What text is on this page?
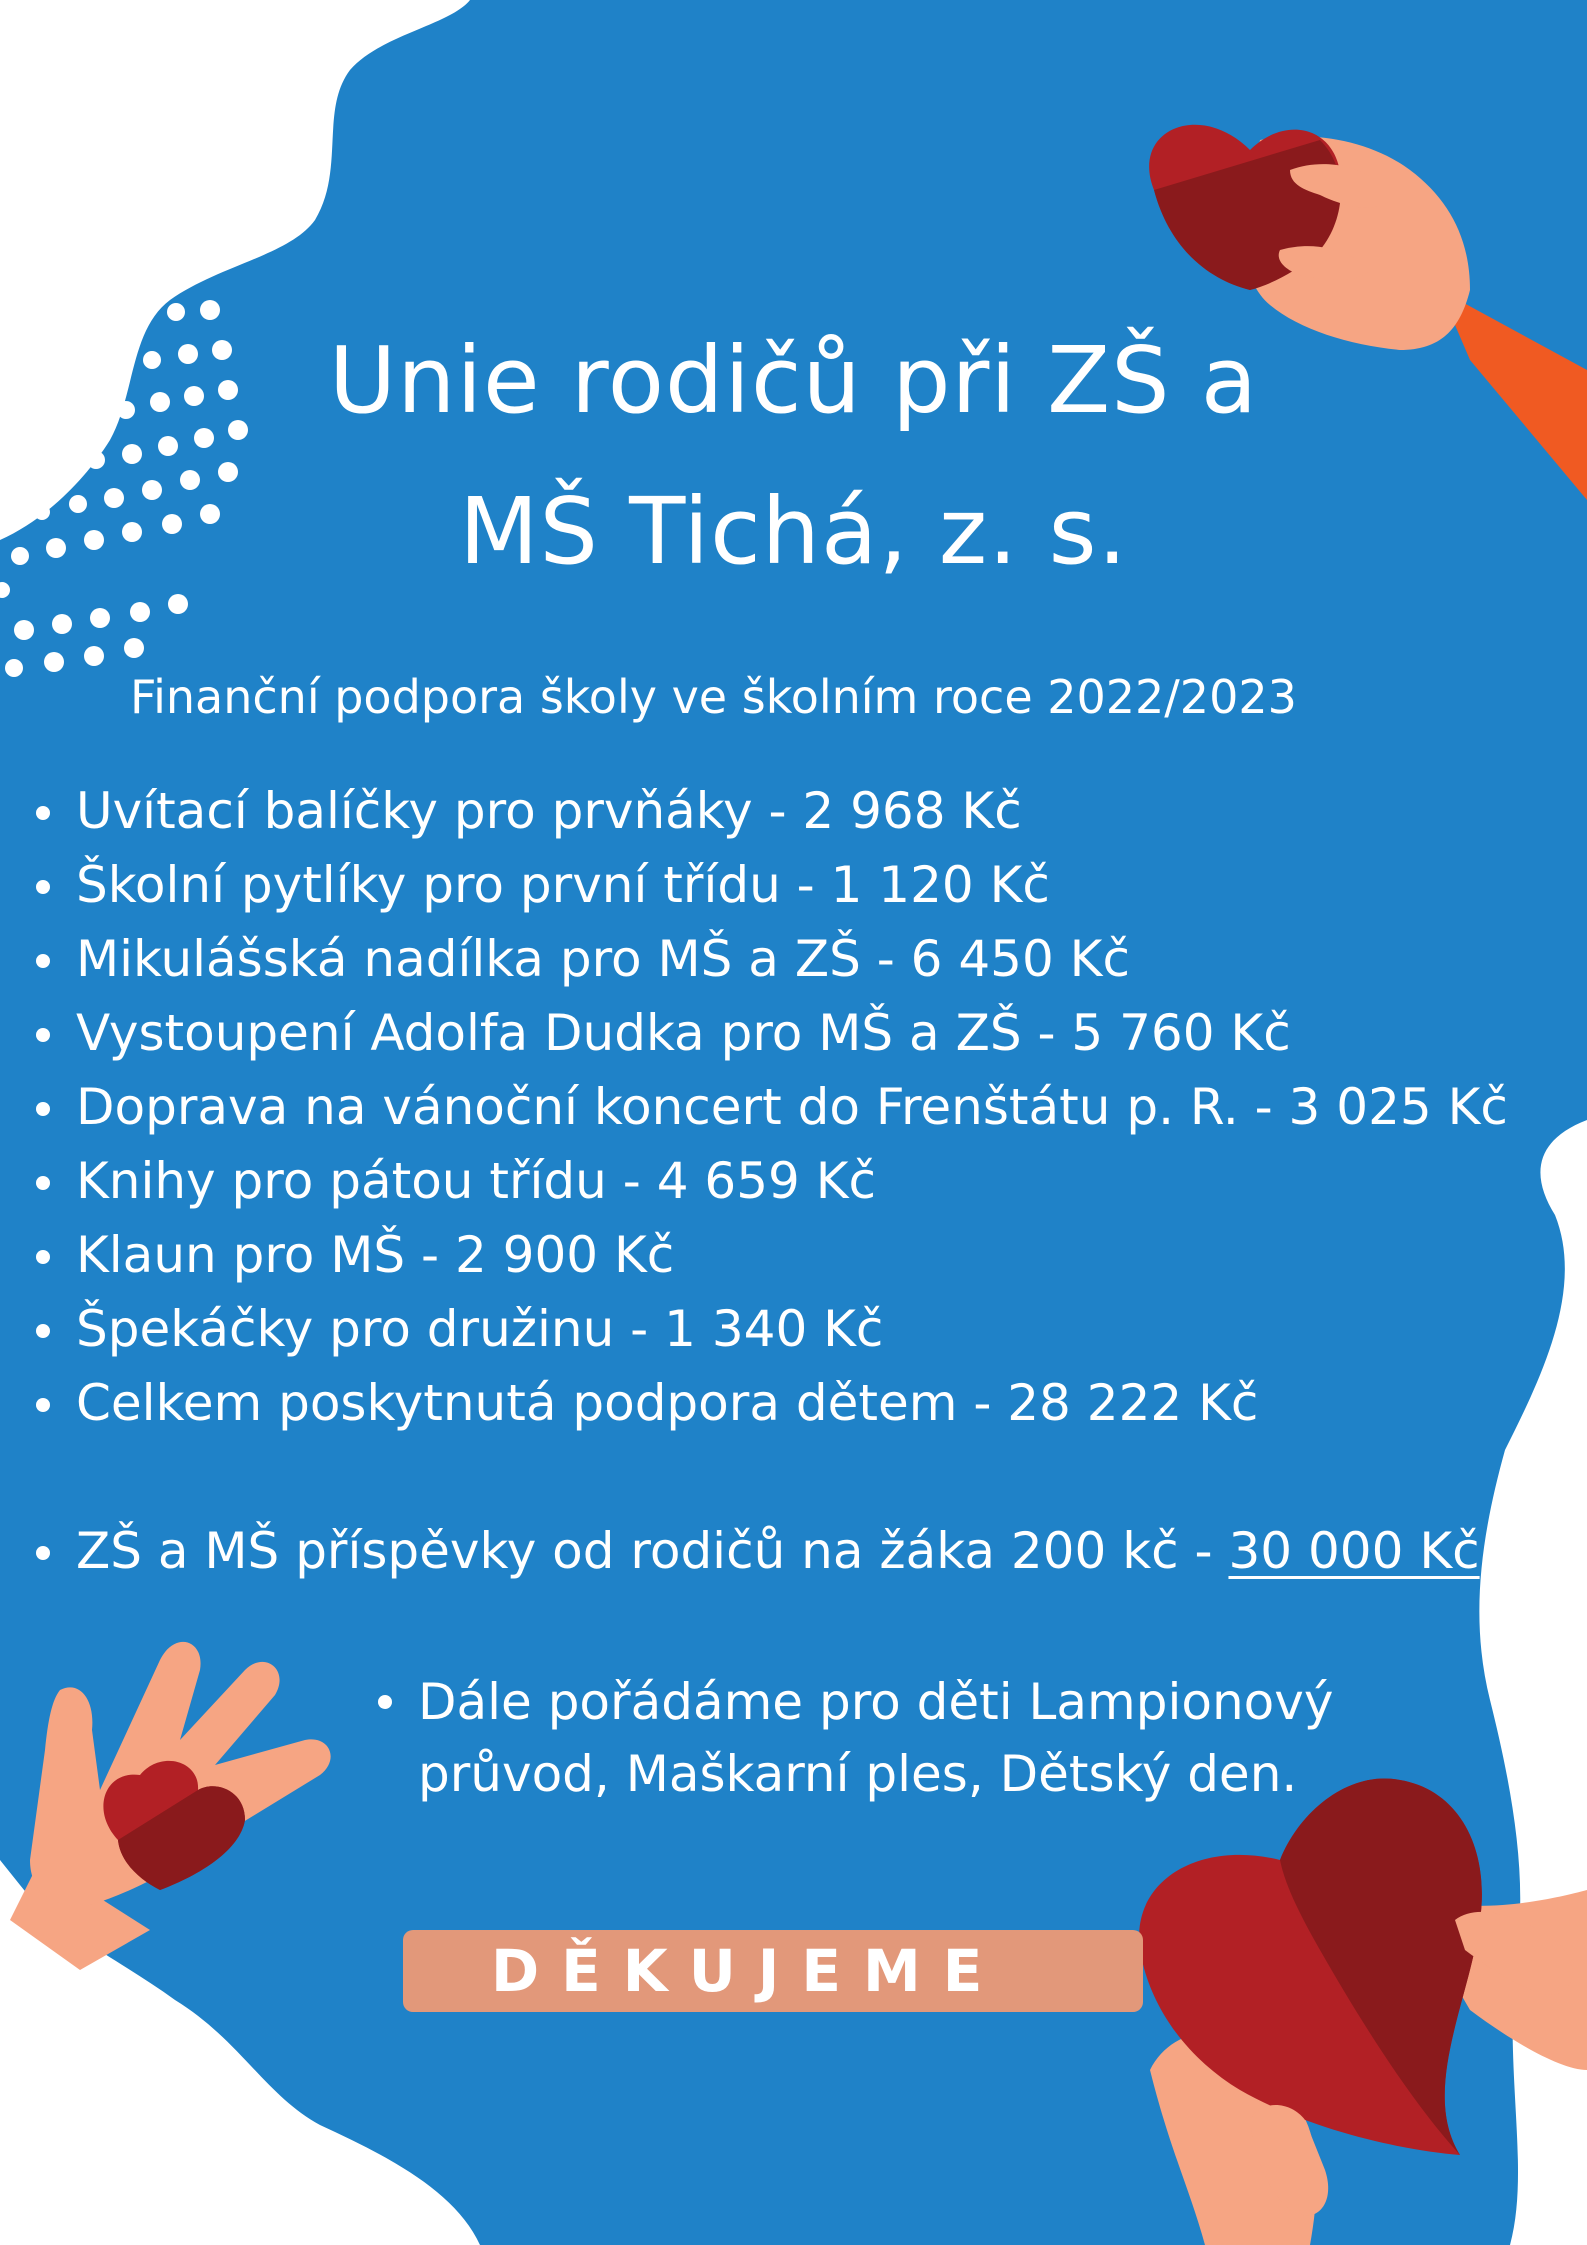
Unie rodičů při ZŠ a
MŠ Tichá, z. s.
Finanční podpora školy ve školním roce 2022/2023
Uvítací balíčky pro prvňáky - 2 968 Kč
Školní pytlíky pro první třídu - 1 120 Kč
Mikulášská nadílka pro MŠ a ZŠ - 6 450 Kč
Vystoupení Adolfa Dudka pro MŠ a ZŠ - 5 760 Kč
Doprava na vánoční koncert do Frenštátu p. R. - 3 025 Kč
Knihy pro pátou třídu - 4 659 Kč
Klaun pro MŠ - 2 900 Kč
Špekáčky pro družinu - 1 340 Kč
Celkem poskytnutá podpora dětem - 28 222 Kč
ZŠ a MŠ příspěvky od rodičů na žáka 200 kč - 30 000 Kč
Dále pořádáme pro děti Lampionový průvod, Maškarní ples, Dětský den.
DĚKUJEME
